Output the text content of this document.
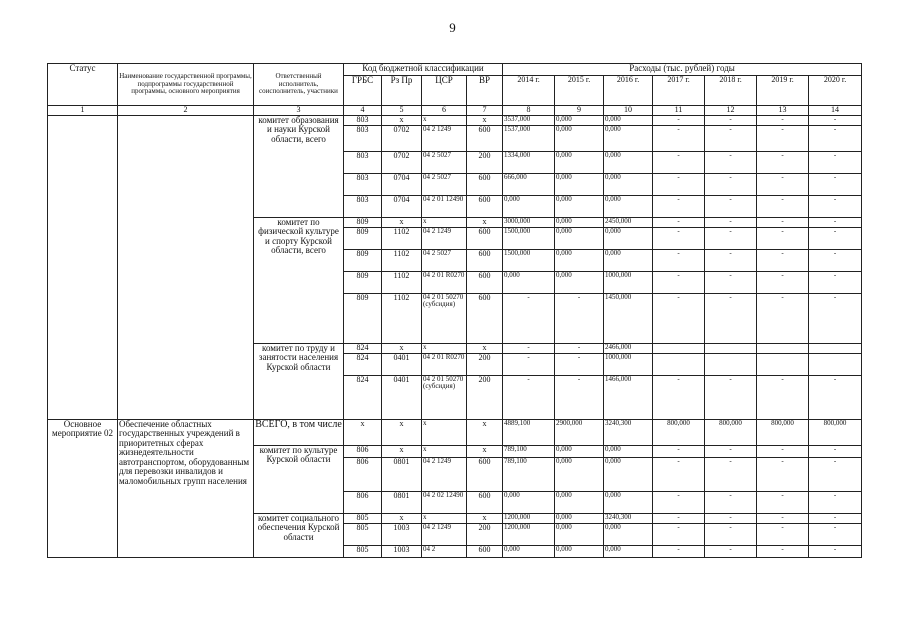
9
Статус	Наименование государственной программы, подпрограммы государственной программы, основного мероприятия	Ответственный исполнитель, соисполнитель, участники	Код бюджетной классификации				Расходы (тыс. рублей) годы						
			ГРБС	Рз Пр	ЦСР	ВР	2014 г.	2015 г.	2016 г.	2017 г.	2018 г.	2019 г.	2020 г.
1	2	3	4	5	6	7	8	9	10	11	12	13	14
		комитет образования и науки Курской области, всего	803	x	x	x	3537,000	0,000	0,000	-	-	-	-
			803	0702	04 2 1249	600	1537,000	0,000	0,000	-	-	-	-
			803	0702	04 2 5027	200	1334,000	0,000	0,000	-	-	-	-
			803	0704	04 2 5027	600	666,000	0,000	0,000	-	-	-	-
			803	0704	04 2 01 12490	600	0,000	0,000	0,000	-	-	-	-
		комитет по физической культуре и спорту Курской области, всего	809	x	x	x	3000,000	0,000	2450,000	-	-	-	-
			809	1102	04 2 1249	600	1500,000	0,000	0,000	-	-	-	-
			809	1102	04 2 5027	600	1500,000	0,000	0,000	-	-	-	-
			809	1102	04 2 01 R0270	600	0,000	0,000	1000,000	-	-	-	-
			809	1102	04 2 01 50270 (субсидия)	600	-	-	1450,000	-	-	-	-
		комитет по труду и занятости населения Курской области	824	x	x	x	-	-	2466,000				
			824	0401	04 2 01 R0270	200	-	-	1000,000				
			824	0401	04 2 01 50270 (субсидия)	200	-	-	1466,000	-	-	-	-
Основное мероприятие 02	Обеспечение областных государственных учреждений в приоритетных сферах жизнедеятельности автотранспортом, оборудованным для перевозки инвалидов и маломобильных групп населения	ВСЕГО, в том числе	x	x	x	x	4889,100	2900,000	3240,300	800,000	800,000	800,000	800,000
		комитет по культуре Курской области	806	x	x	x	789,100	0,000	0,000	-	-	-	-
			806	0801	04 2 1249	600	789,100	0,000	0,000	-	-	-	-
			806	0801	04 2 02 12490	600	0,000	0,000	0,000	-	-	-	-
		комитет социального обеспечения Курской области	805	x	x	x	1200,000	0,000	3240,300	-	-	-	-
			805	1003	04 2 1249	200	1200,000	0,000	0,000	-	-	-	-
			805	1003	04 2	600	0,000	0,000	0,000	-	-	-	-
